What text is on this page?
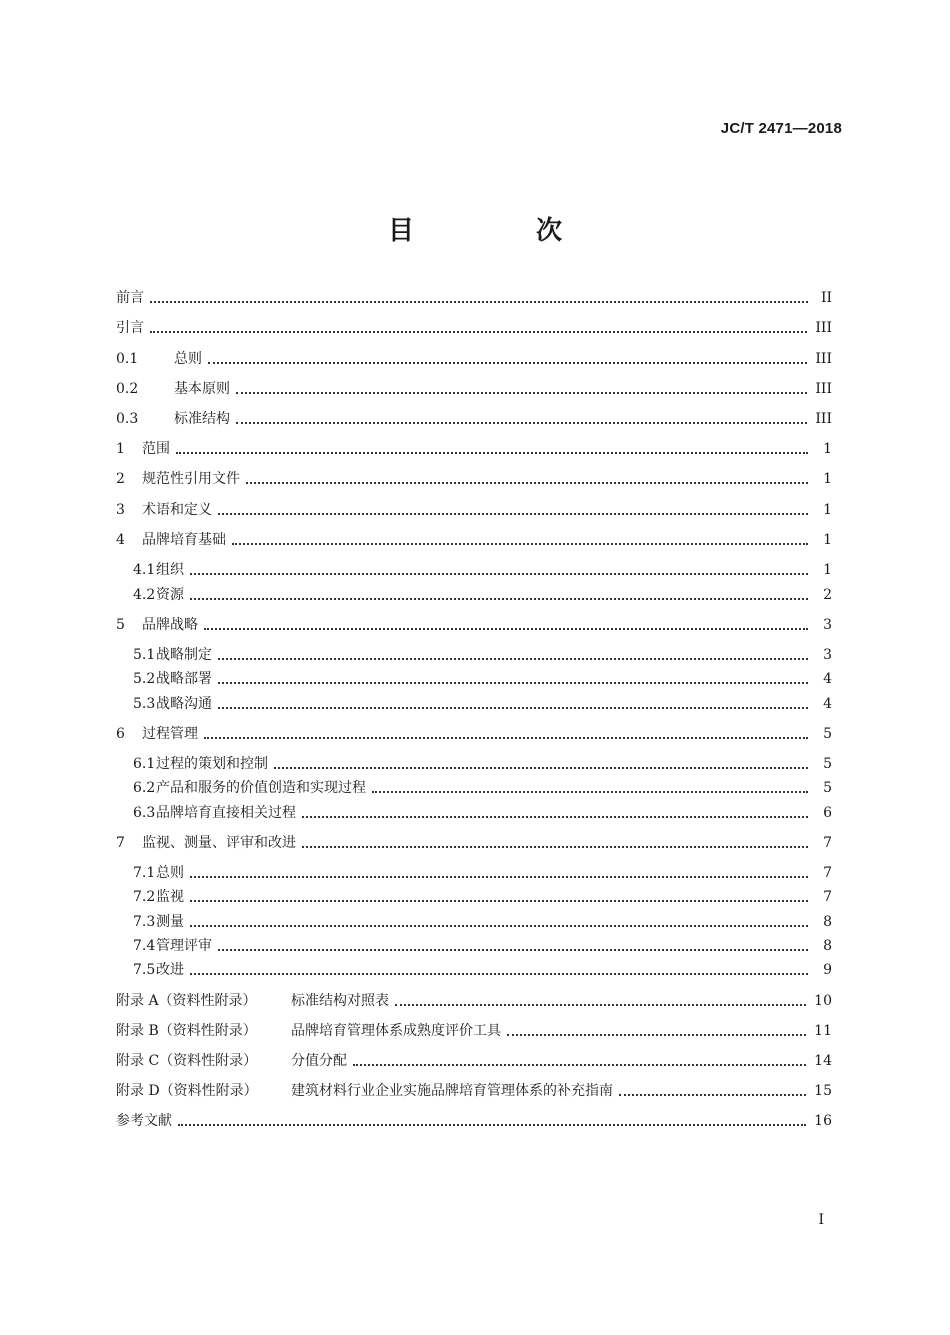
JC/T 2471—2018
目　次
前言	II
引言	III
0.1	总则	III
0.2	基本原则	III
0.3	标准结构	III
1	范围	1
2	规范性引用文件	1
3	术语和定义	1
4	品牌培育基础	1
4.1 组织	1
4.2 资源	2
5	品牌战略	3
5.1 战略制定	3
5.2 战略部署	4
5.3 战略沟通	4
6	过程管理	5
6.1 过程的策划和控制	5
6.2 产品和服务的价值创造和实现过程	5
6.3 品牌培育直接相关过程	6
7	监视、测量、评审和改进	7
7.1 总则	7
7.2 监视	7
7.3 测量	8
7.4 管理评审	8
7.5 改进	9
附录 A（资料性附录）	标准结构对照表	10
附录 B（资料性附录）	品牌培育管理体系成熟度评价工具	11
附录 C（资料性附录）	分值分配	14
附录 D（资料性附录）	建筑材料行业企业实施品牌培育管理体系的补充指南	15
参考文献	16
I
